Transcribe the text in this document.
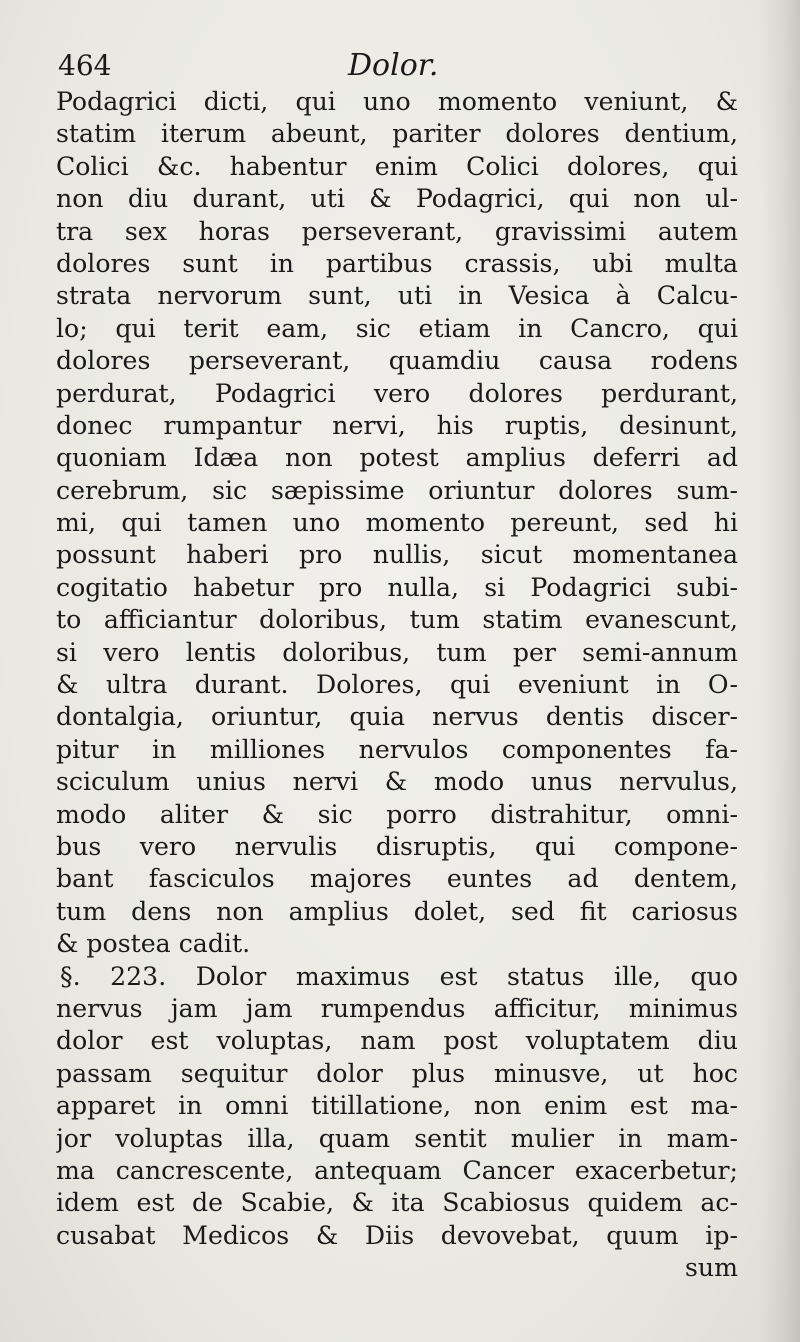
464	Dolor.
Podagrici dicti, qui uno momento veniunt, &
statim iterum abeunt, pariter dolores dentium,
Colici &c. habentur enim Colici dolores, qui
non diu durant, uti & Podagrici, qui non ul-
tra sex horas perseverant, gravissimi autem
dolores sunt in partibus crassis, ubi multa
strata nervorum sunt, uti in Vesica à Calcu-
lo; qui terit eam, sic etiam in Cancro, qui
dolores perseverant, quamdiu causa rodens
perdurat, Podagrici vero dolores perdurant,
donec rumpantur nervi, his ruptis, desinunt,
quoniam Idæa non potest amplius deferri ad
cerebrum, sic sæpissime oriuntur dolores sum-
mi, qui tamen uno momento pereunt, sed hi
possunt haberi pro nullis, sicut momentanea
cogitatio habetur pro nulla, si Podagrici subi-
to afficiantur doloribus, tum statim evanescunt,
si vero lentis doloribus, tum per semi-annum
& ultra durant. Dolores, qui eveniunt in O-
dontalgia, oriuntur, quia nervus dentis discer-
pitur in milliones nervulos componentes fa-
sciculum unius nervi & modo unus nervulus,
modo aliter & sic porro distrahitur, omni-
bus vero nervulis disruptis, qui compone-
bant fasciculos majores euntes ad dentem,
tum dens non amplius dolet, sed fit cariosus
& postea cadit.
§. 223. Dolor maximus est status ille, quo
nervus jam jam rumpendus afficitur, minimus
dolor est voluptas, nam post voluptatem diu
passam sequitur dolor plus minusve, ut hoc
apparet in omni titillatione, non enim est ma-
jor voluptas illa, quam sentit mulier in mam-
ma cancrescente, antequam Cancer exacerbetur;
idem est de Scabie, & ita Scabiosus quidem ac-
cusabat Medicos & Diis devovebat, quum ip-
sum
